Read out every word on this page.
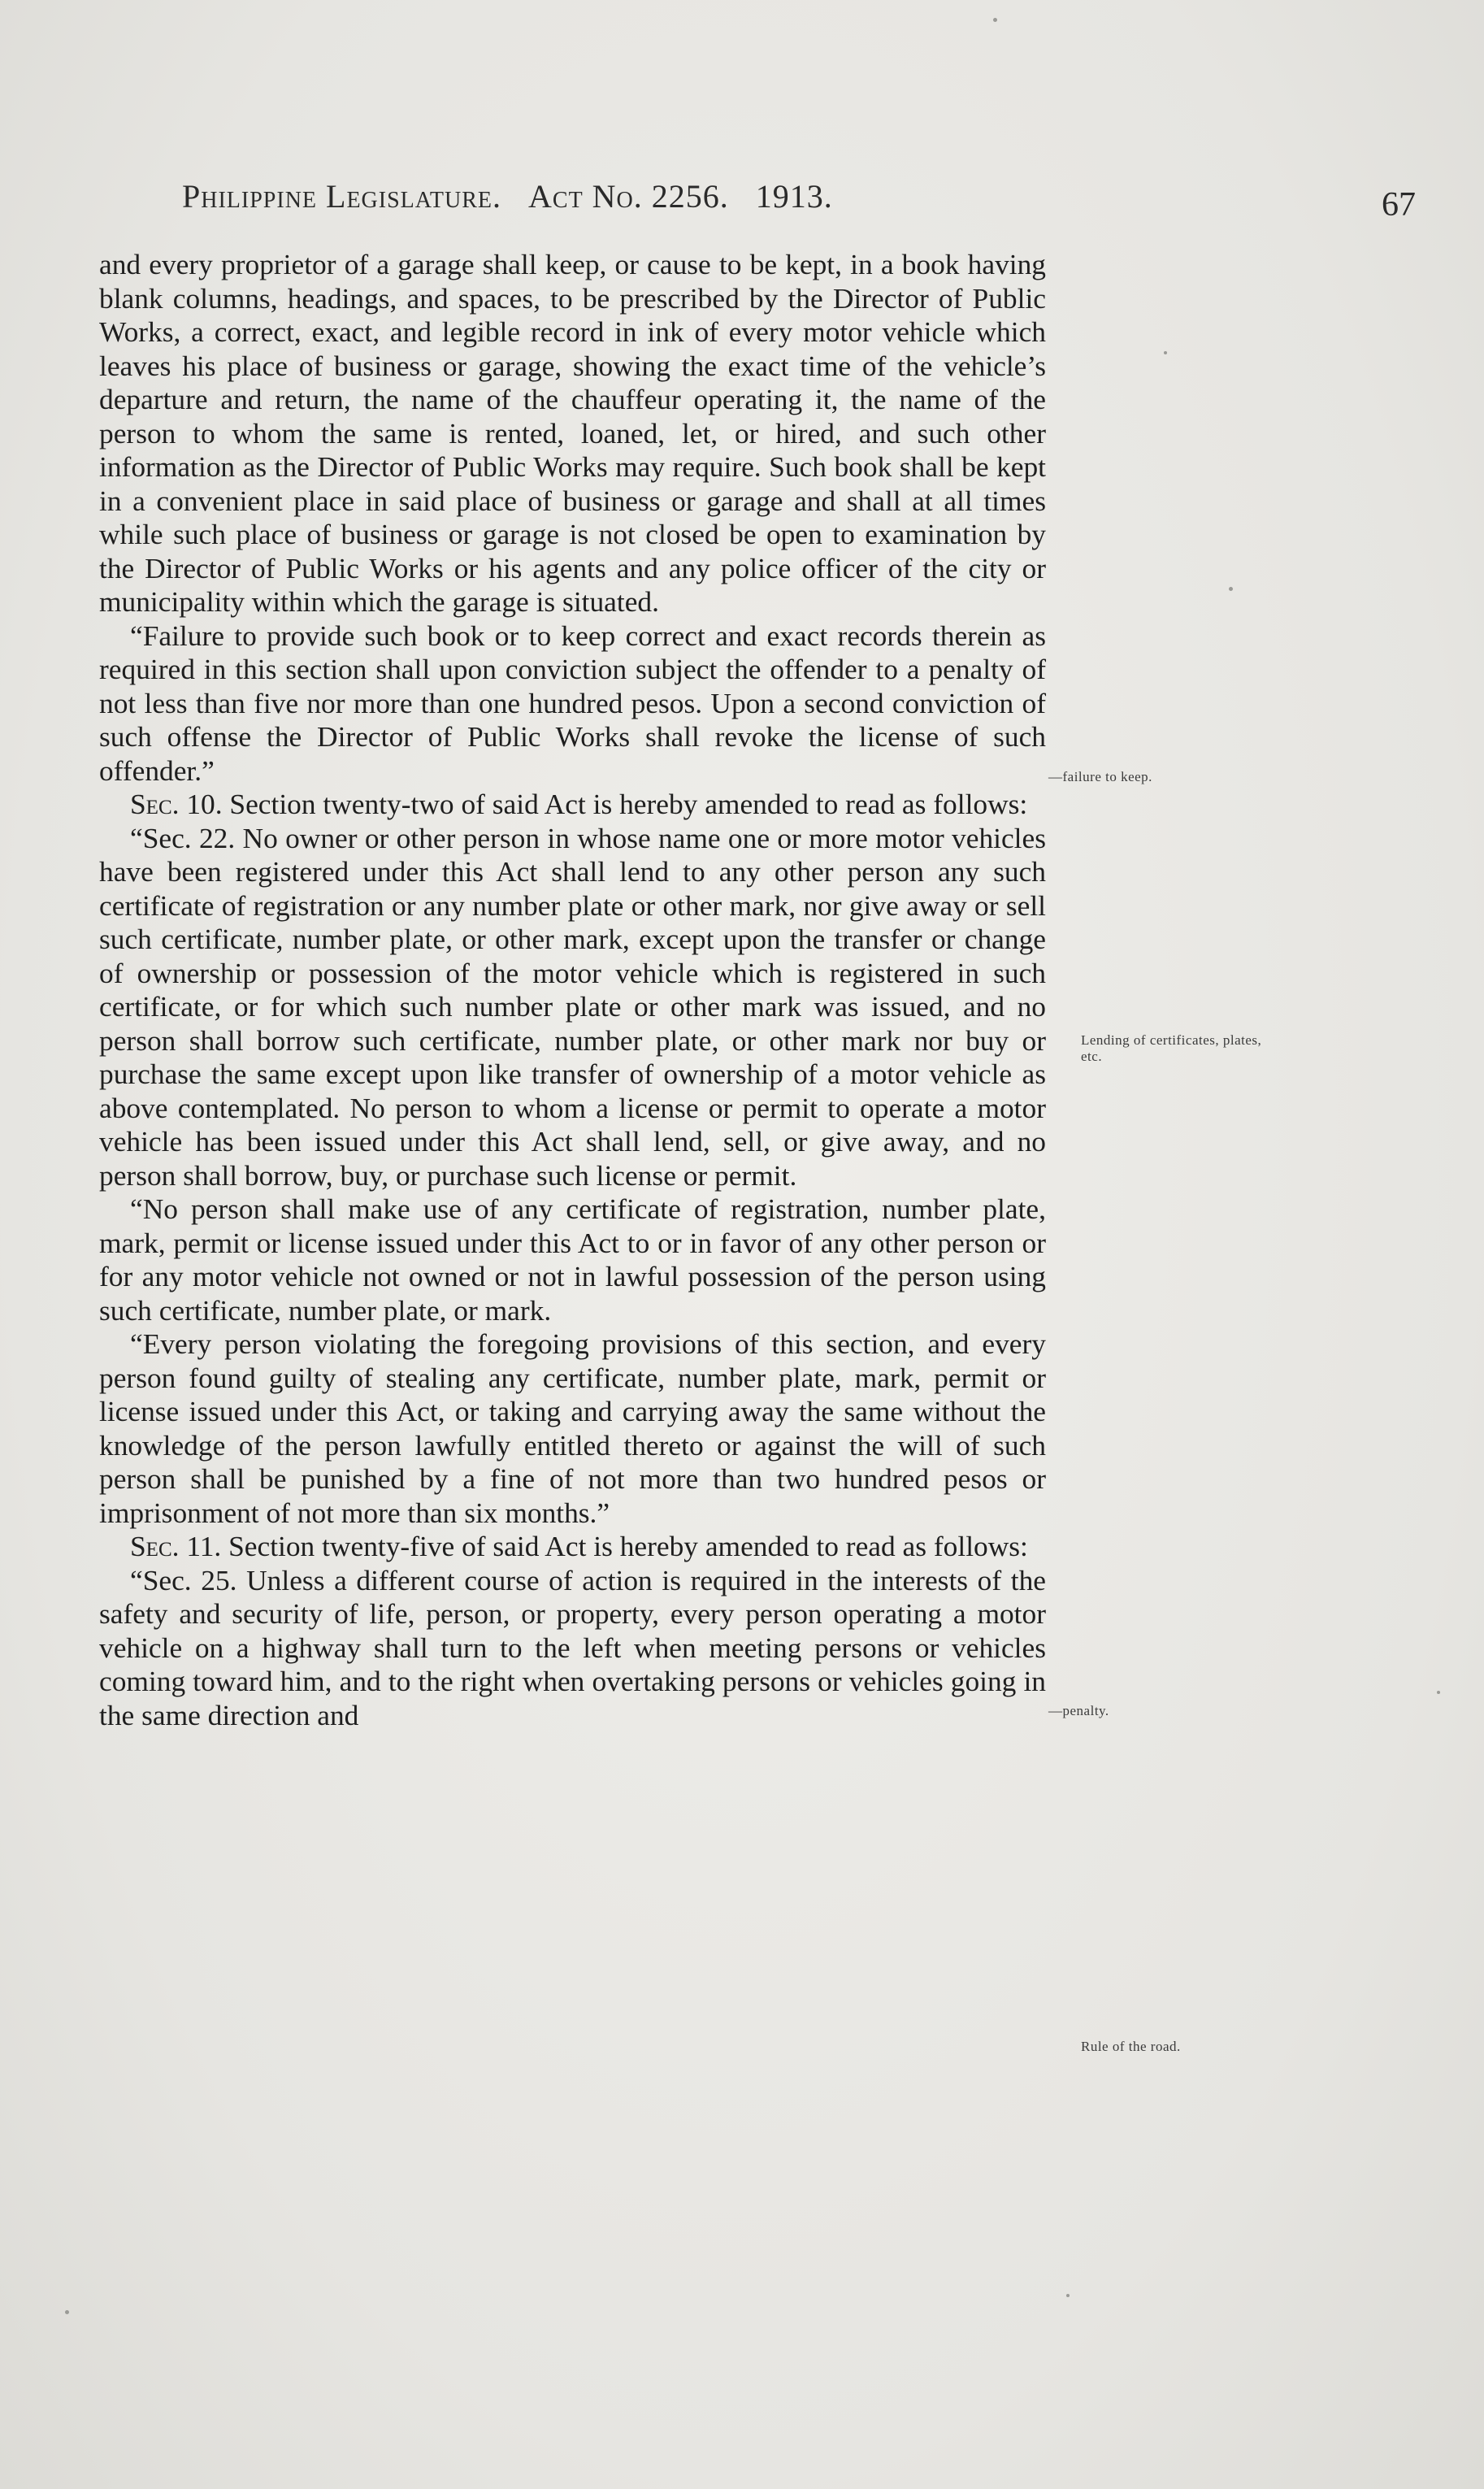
Philippine Legislature. Act No. 2256. 1913.	67

and every proprietor of a garage shall keep, or cause to be kept, in a book having blank columns, headings, and spaces, to be prescribed by the Director of Public Works, a correct, exact, and legible record in ink of every motor vehicle which leaves his place of business or garage, showing the exact time of the vehicle’s departure and return, the name of the chauffeur operating it, the name of the person to whom the same is rented, loaned, let, or hired, and such other information as the Director of Public Works may require. Such book shall be kept in a convenient place in said place of business or garage and shall at all times while such place of business or garage is not closed be open to examination by the Director of Public Works or his agents and any police officer of the city or municipality within which the garage is situated.

“Failure to provide such book or to keep correct and exact records therein as required in this section shall upon conviction subject the offender to a penalty of not less than five nor more than one hundred pesos. Upon a second conviction of such offense the Director of Public Works shall revoke the license of such offender.”

Sec. 10. Section twenty-two of said Act is hereby amended to read as follows:

“Sec. 22. No owner or other person in whose name one or more motor vehicles have been registered under this Act shall lend to any other person any such certificate of registration or any number plate or other mark, nor give away or sell such certificate, number plate, or other mark, except upon the transfer or change of ownership or possession of the motor vehicle which is registered in such certificate, or for which such number plate or other mark was issued, and no person shall borrow such certificate, number plate, or other mark nor buy or purchase the same except upon like transfer of ownership of a motor vehicle as above contemplated. No person to whom a license or permit to operate a motor vehicle has been issued under this Act shall lend, sell, or give away, and no person shall borrow, buy, or purchase such license or permit.

“No person shall make use of any certificate of registration, number plate, mark, permit or license issued under this Act to or in favor of any other person or for any motor vehicle not owned or not in lawful possession of the person using such certificate, number plate, or mark.

“Every person violating the foregoing provisions of this section, and every person found guilty of stealing any certificate, number plate, mark, permit or license issued under this Act, or taking and carrying away the same without the knowledge of the person lawfully entitled thereto or against the will of such person shall be punished by a fine of not more than two hundred pesos or imprisonment of not more than six months.”

Sec. 11. Section twenty-five of said Act is hereby amended to read as follows:

“Sec. 25. Unless a different course of action is required in the interests of the safety and security of life, person, or property, every person operating a motor vehicle on a highway shall turn to the left when meeting persons or vehicles coming toward him, and to the right when overtaking persons or vehicles going in the same direction and

—failure to keep.
Lending of certificates, plates, etc.
—penalty.
Rule of the road.
